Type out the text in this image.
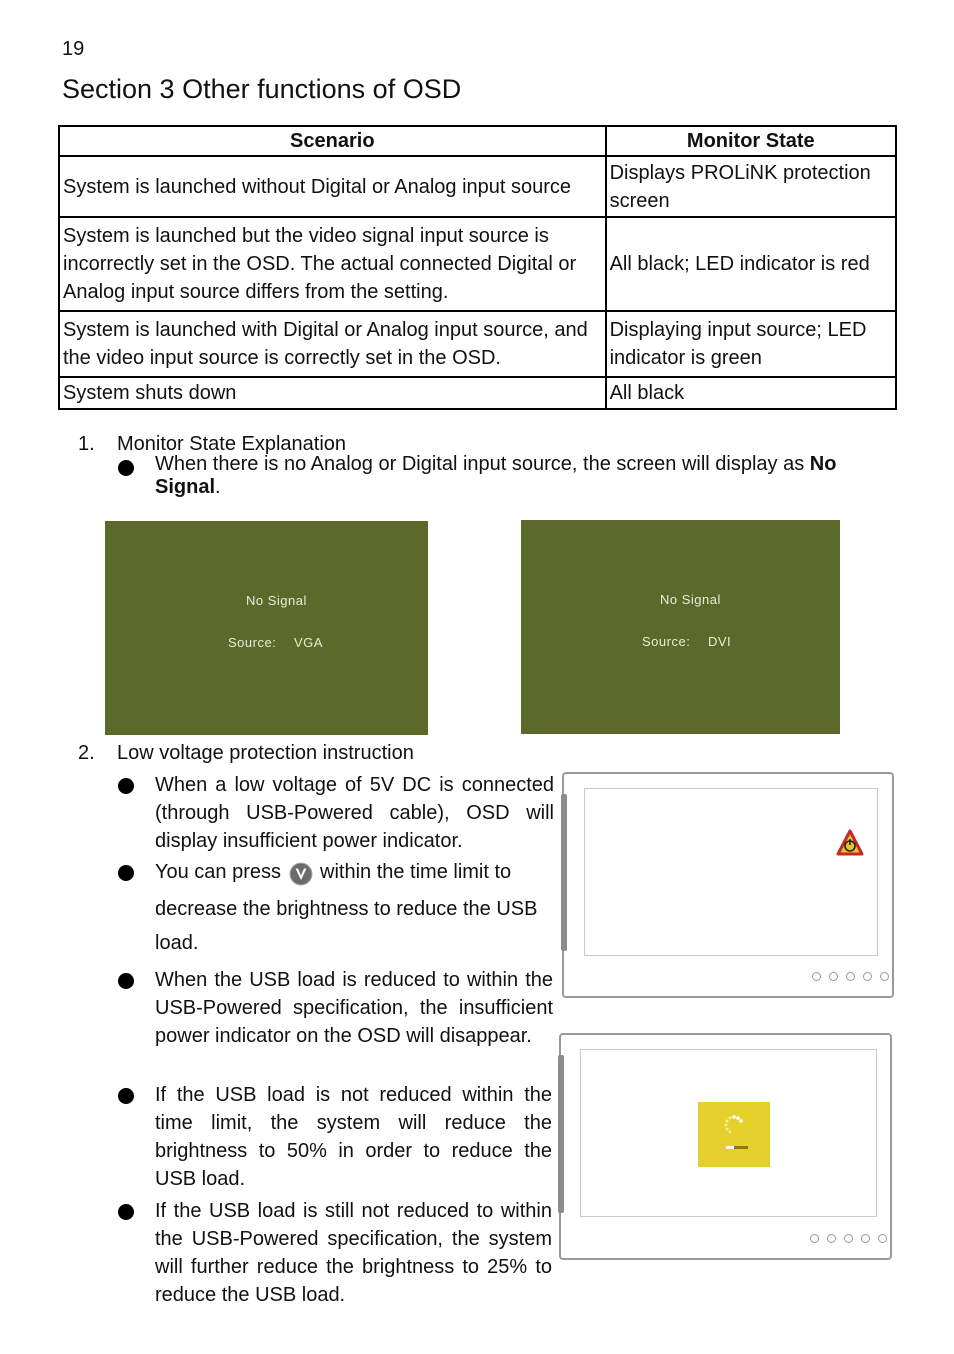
19
Section 3 Other functions of OSD
Scenario	Monitor State
System is launched without Digital or Analog input source	Displays PROLiNK protection screen
System is launched but the video signal input source is incorrectly set in the OSD. The actual connected Digital or Analog input source differs from the setting.	All black; LED indicator is red
System is launched with Digital or Analog input source, and the video input source is correctly set in the OSD.	Displaying input source; LED indicator is green
System shuts down	All black
1. Monitor State Explanation
When there is no Analog or Digital input source, the screen will display as No Signal.
No Signal
Source: VGA
No Signal
Source: DVI
2. Low voltage protection instruction
When a low voltage of 5V DC is connected (through USB-Powered cable), OSD will display insufficient power indicator.
You can press within the time limit to
decrease the brightness to reduce the USB
load.
When the USB load is reduced to within the USB-Powered specification, the insufficient power indicator on the OSD will disappear.
If the USB load is not reduced within the time limit, the system will reduce the brightness to 50% in order to reduce the USB load.
If the USB load is still not reduced to within the USB-Powered specification, the system will further reduce the brightness to 25% to reduce the USB load.
